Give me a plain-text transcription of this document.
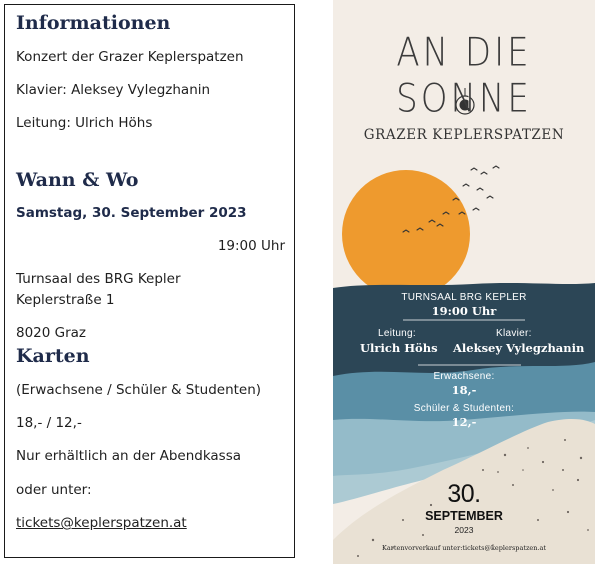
Informationen
Konzert der Grazer Keplerspatzen
Klavier: Aleksey Vylegzhanin
Leitung: Ulrich Höhs
Wann & Wo
Samstag, 30. September 2023
19:00 Uhr
Turnsaal des BRG Kepler
Keplerstraße 1
8020 Graz
Karten
(Erwachsene / Schüler & Studenten)
18,- / 12,-
Nur erhältlich an der Abendkassa
oder unter:
tickets@keplerspatzen.at
AN DIE SONNE
GRAZER KEPLERSPATZEN
TURNSAAL BRG KEPLER
19:00 Uhr
Leitung:
Ulrich Höhs
Klavier:
Aleksey Vylegzhanin
Erwachsene:
18,-
Schüler & Studenten:
12,-
30.
SEPTEMBER
2023
Kartenvorverkauf unter:tickets@keplerspatzen.at
